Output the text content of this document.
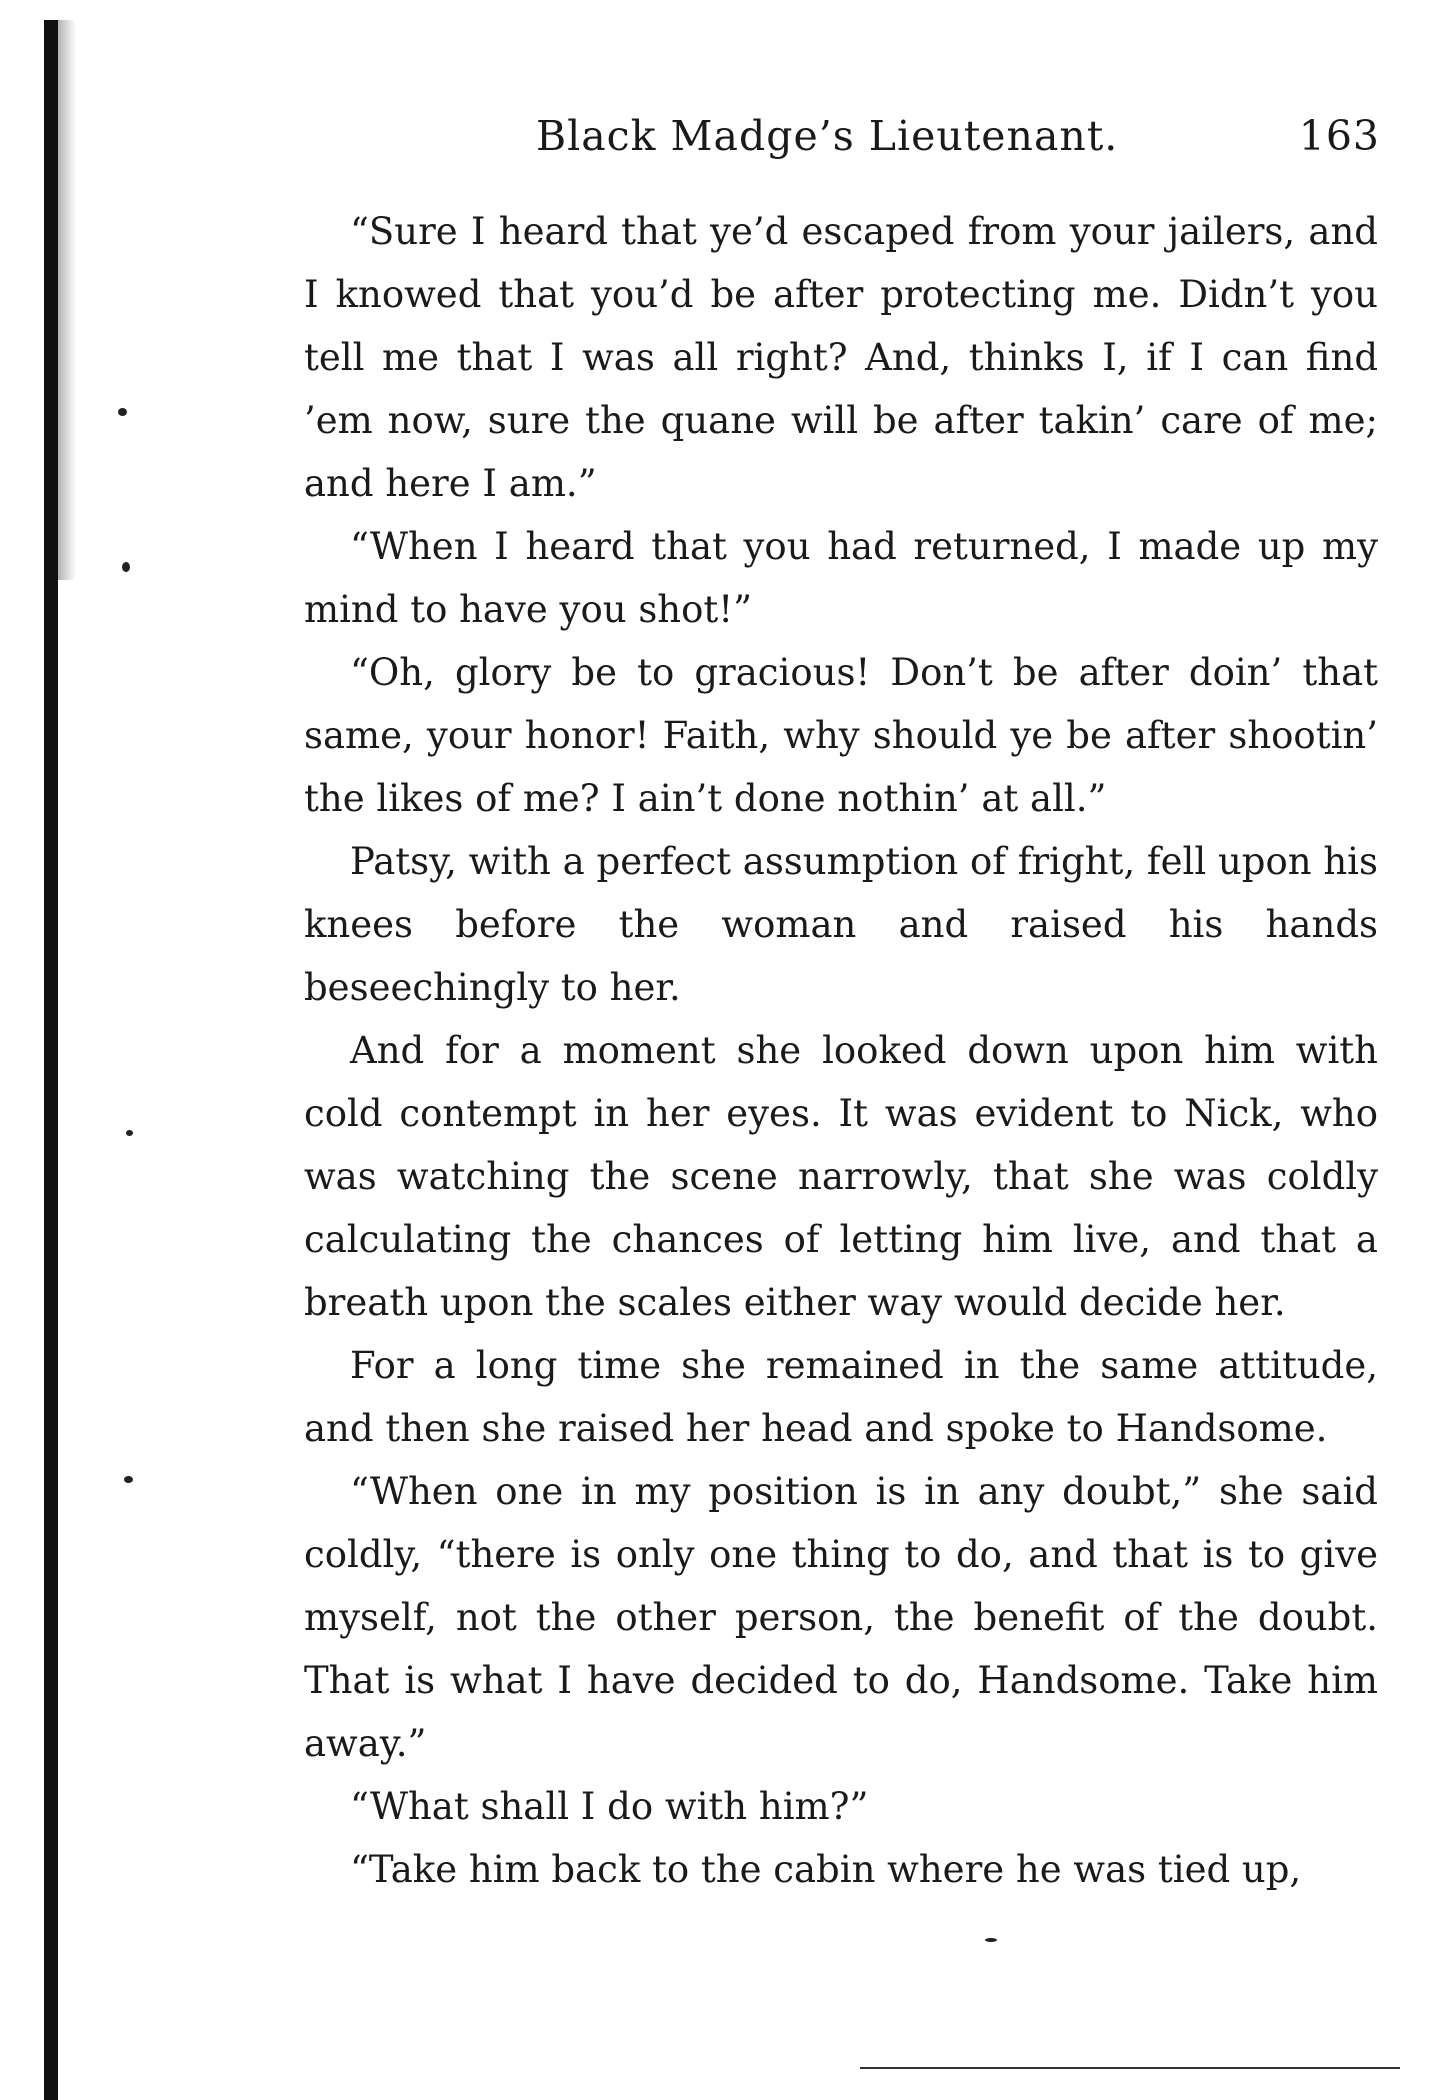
Black Madge’s Lieutenant.	163

“Sure I heard that ye’d escaped from your jailers, and I knowed that you’d be after protecting me. Didn’t you tell me that I was all right? And, thinks I, if I can find ’em now, sure the quane will be after takin’ care of me; and here I am.”

“When I heard that you had returned, I made up my mind to have you shot!”

“Oh, glory be to gracious! Don’t be after doin’ that same, your honor! Faith, why should ye be after shootin’ the likes of me? I ain’t done nothin’ at all.”

Patsy, with a perfect assumption of fright, fell upon his knees before the woman and raised his hands beseechingly to her.

And for a moment she looked down upon him with cold contempt in her eyes. It was evident to Nick, who was watching the scene narrowly, that she was coldly calculating the chances of letting him live, and that a breath upon the scales either way would decide her.

For a long time she remained in the same attitude, and then she raised her head and spoke to Handsome.

“When one in my position is in any doubt,” she said coldly, “there is only one thing to do, and that is to give myself, not the other person, the benefit of the doubt. That is what I have decided to do, Handsome. Take him away.”

“What shall I do with him?”

“Take him back to the cabin where he was tied up,
